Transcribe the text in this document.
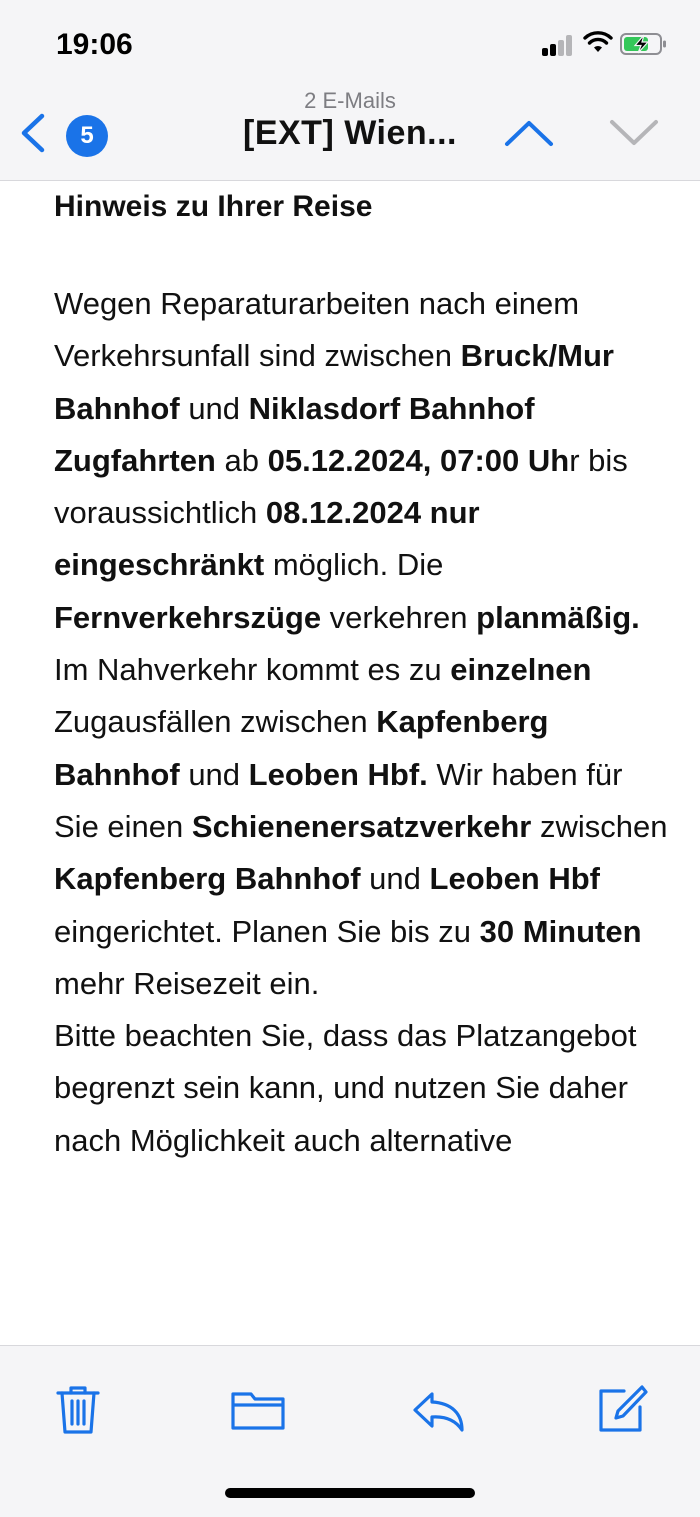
19:06
5
2 E-Mails
[EXT] Wien...
Hinweis zu Ihrer Reise

Wegen Reparaturarbeiten nach einem Verkehrsunfall sind zwischen Bruck/Mur Bahnhof und Niklasdorf Bahnhof Zugfahrten ab 05.12.2024, 07:00 Uhr bis voraussichtlich 08.12.2024 nur eingeschränkt möglich. Die Fernverkehrszüge verkehren planmäßig. Im Nahverkehr kommt es zu einzelnen Zugausfällen zwischen Kapfenberg Bahnhof und Leoben Hbf. Wir haben für Sie einen Schienenersatzverkehr zwischen Kapfenberg Bahnhof und Leoben Hbf eingerichtet. Planen Sie bis zu 30 Minuten mehr Reisezeit ein.
Bitte beachten Sie, dass das Platzangebot begrenzt sein kann, und nutzen Sie daher nach Möglichkeit auch alternative
